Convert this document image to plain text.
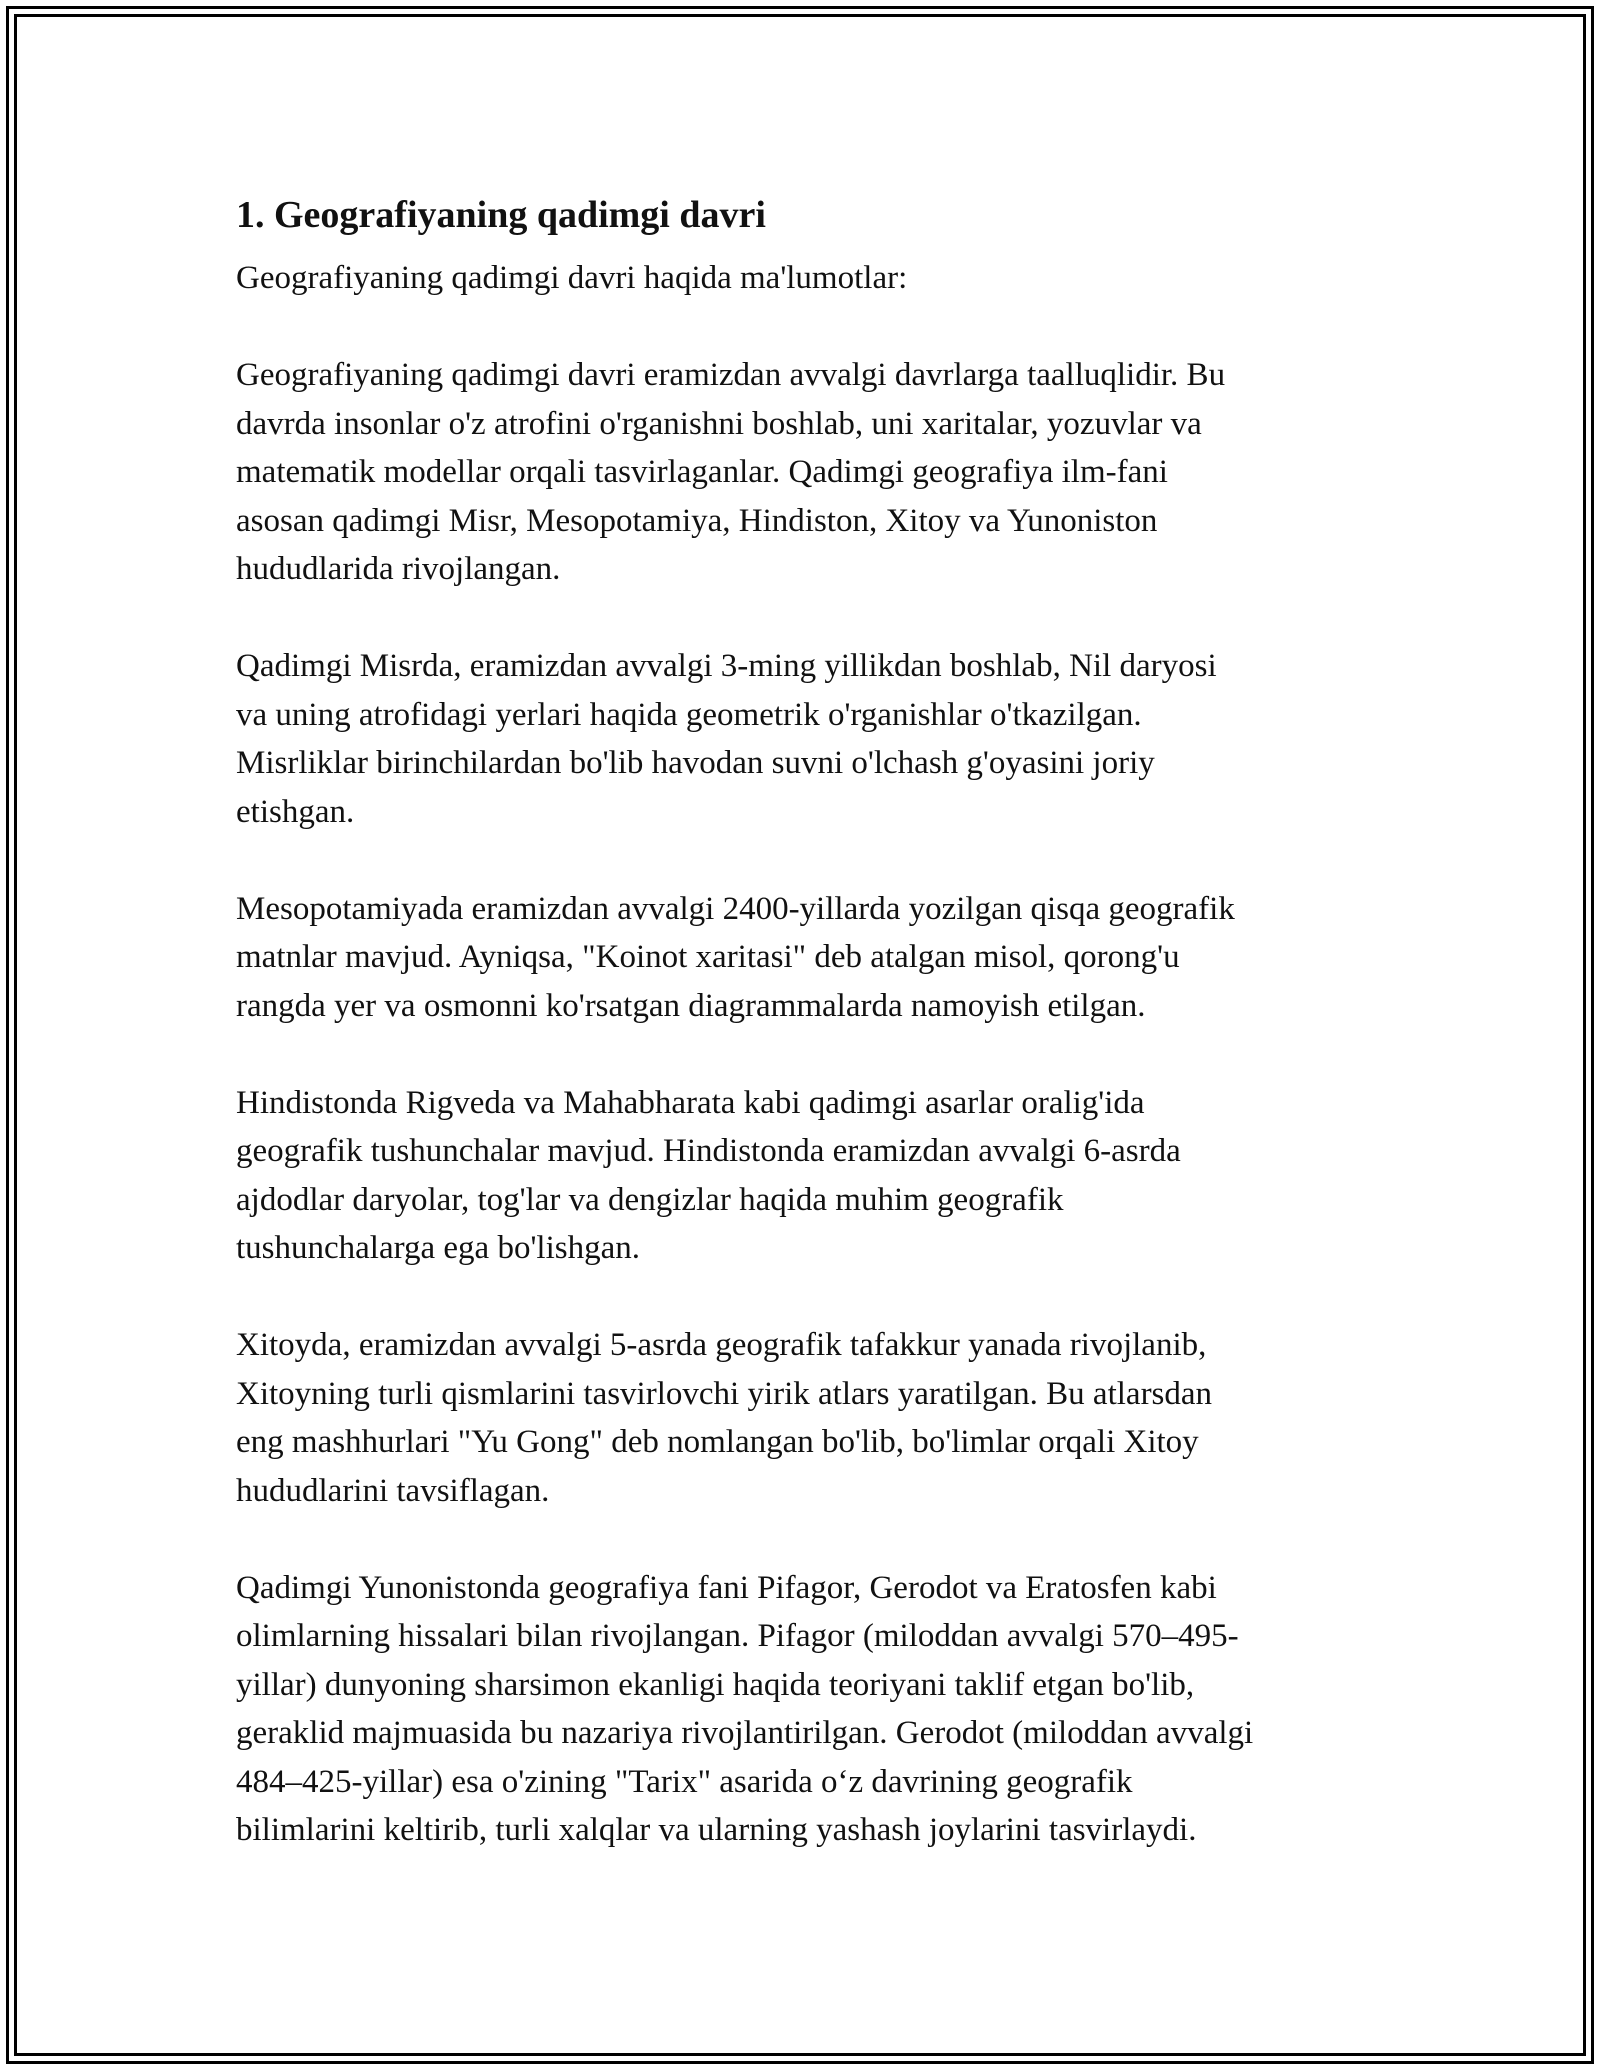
1. Geografiyaning qadimgi davri

Geografiyaning qadimgi davri haqida ma'lumotlar:

Geografiyaning qadimgi davri eramizdan avvalgi davrlarga taalluqlidir. Bu
davrda insonlar o'z atrofini o'rganishni boshlab, uni xaritalar, yozuvlar va
matematik modellar orqali tasvirlaganlar. Qadimgi geografiya ilm-fani
asosan qadimgi Misr, Mesopotamiya, Hindiston, Xitoy va Yunoniston
hududlarida rivojlangan.

Qadimgi Misrda, eramizdan avvalgi 3-ming yillikdan boshlab, Nil daryosi
va uning atrofidagi yerlari haqida geometrik o'rganishlar o'tkazilgan.
Misrliklar birinchilardan bo'lib havodan suvni o'lchash g'oyasini joriy
etishgan.

Mesopotamiyada eramizdan avvalgi 2400-yillarda yozilgan qisqa geografik
matnlar mavjud. Ayniqsa, "Koinot xaritasi" deb atalgan misol, qorong'u
rangda yer va osmonni ko'rsatgan diagrammalarda namoyish etilgan.

Hindistonda Rigveda va Mahabharata kabi qadimgi asarlar oralig'ida
geografik tushunchalar mavjud. Hindistonda eramizdan avvalgi 6-asrda
ajdodlar daryolar, tog'lar va dengizlar haqida muhim geografik
tushunchalarga ega bo'lishgan.

Xitoyda, eramizdan avvalgi 5-asrda geografik tafakkur yanada rivojlanib,
Xitoyning turli qismlarini tasvirlovchi yirik atlars yaratilgan. Bu atlarsdan
eng mashhurlari "Yu Gong" deb nomlangan bo'lib, bo'limlar orqali Xitoy
hududlarini tavsiflagan.

Qadimgi Yunonistonda geografiya fani Pifagor, Gerodot va Eratosfen kabi
olimlarning hissalari bilan rivojlangan. Pifagor (miloddan avvalgi 570–495-
yillar) dunyoning sharsimon ekanligi haqida teoriyani taklif etgan bo'lib,
geraklid majmuasida bu nazariya rivojlantirilgan. Gerodot (miloddan avvalgi
484–425-yillar) esa o'zining "Tarix" asarida o‘z davrining geografik
bilimlarini keltirib, turli xalqlar va ularning yashash joylarini tasvirlaydi.
